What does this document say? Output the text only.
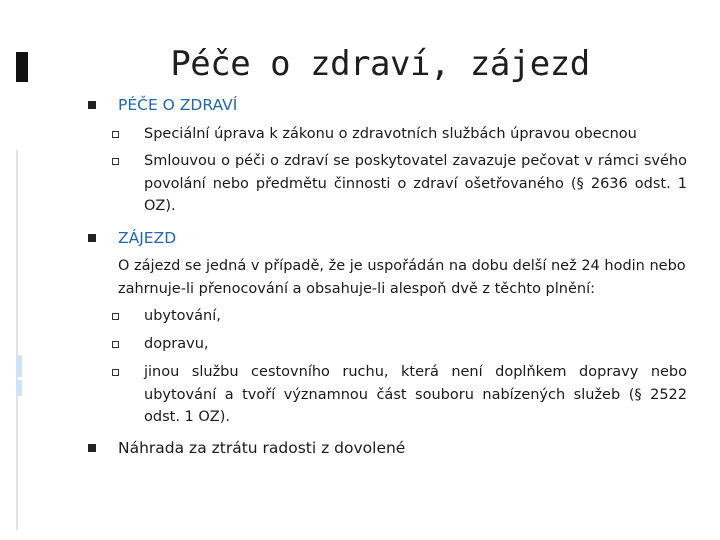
Péče o zdraví, zájezd
PÉČE O ZDRAVÍ
Speciální úprava k zákonu o zdravotních službách úpravou obecnou
Smlouvou o péči o zdraví se poskytovatel zavazuje pečovat v rámci svého povolání nebo předmětu činnosti o zdraví ošetřovaného (§ 2636 odst. 1 OZ).
ZÁJEZD
O zájezd se jedná v případě, že je uspořádán na dobu delší než 24 hodin nebo zahrnuje-li přenocování a obsahuje-li alespoň dvě z těchto plnění:
ubytování,
dopravu,
jinou službu cestovního ruchu, která není doplňkem dopravy nebo ubytování a tvoří významnou část souboru nabízených služeb (§ 2522 odst. 1 OZ).
Náhrada za ztrátu radosti z dovolené
